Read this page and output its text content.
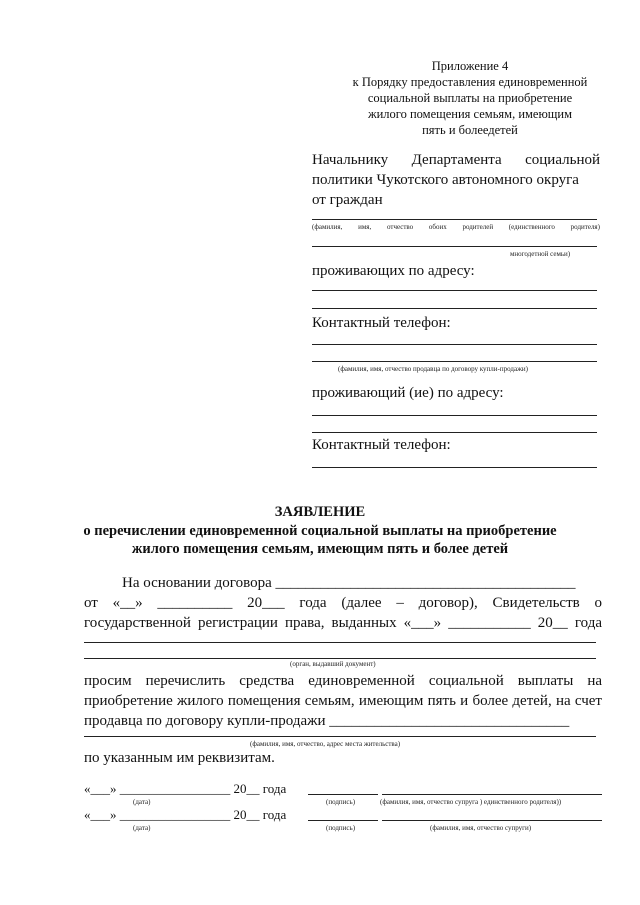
Приложение 4
к Порядку предоставления единовременной
социальной выплаты на приобретение
жилого помещения семьям, имеющим
пять и болеедетей
Начальнику Департамента социальной
политики Чукотского автономного округа
от граждан
(фамилия, имя, отчество обоих родителей (единственного родителя)
многодетной семьи)
проживающих по адресу:
Контактный телефон:
(фамилия, имя, отчество продавца по договору купли-продажи)
проживающий (ие) по адресу:
Контактный телефон:
ЗАЯВЛЕНИЕ
о перечислении единовременной социальной выплаты на приобретение
жилого помещения семьям, имеющим пять и более детей
На основании договора ________________________________________
от «__» __________ 20___ года (далее – договор), Свидетельств о
государственной регистрации права, выданных «___» ___________ 20__ года
(орган, выдавший документ)
просим перечислить средства единовременной социальной выплаты на
приобретение жилого помещения семьям, имеющим пять и более детей, на счет
продавца по договору купли-продажи ________________________________
(фамилия, имя, отчество, адрес места жительства)
по указанным им реквизитам.
«___» _________________ 20__ года
(дата)	(подпись)	(фамилия, имя, отчество супруга ) единственного родителя))
«___» _________________ 20__ года
(дата)	(подпись)	(фамилия, имя, отчество супруги)
